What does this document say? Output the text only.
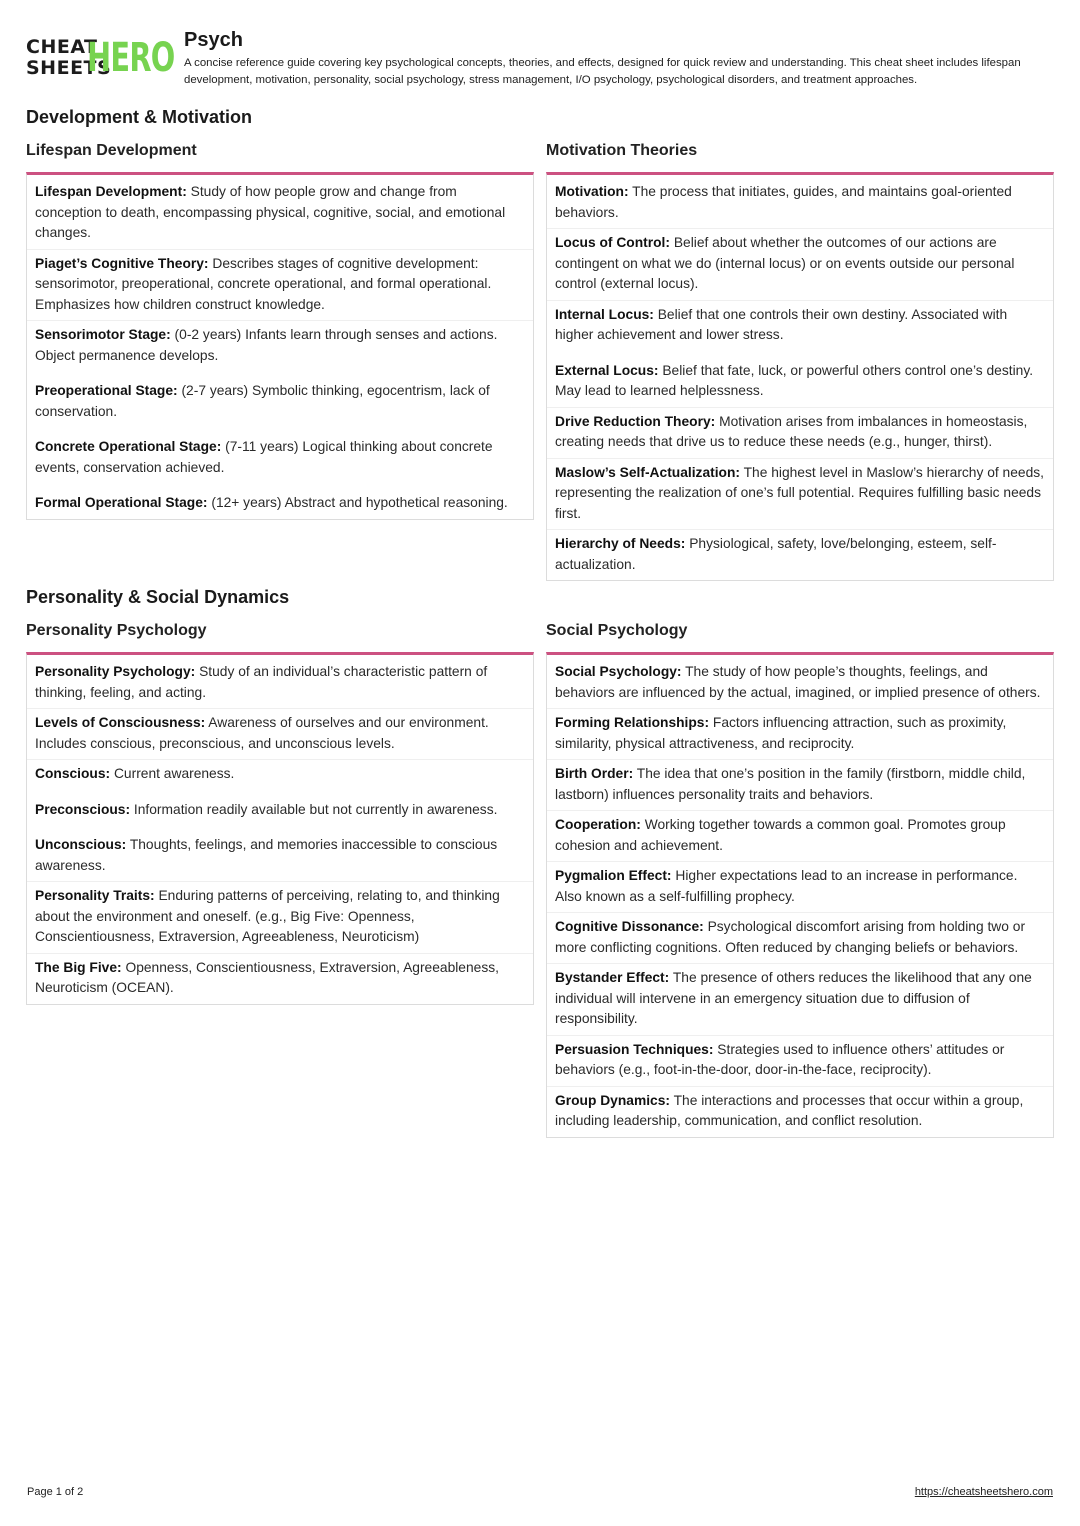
CHEAT
SHEETS
HERO Psych

A concise reference guide covering key psychological concepts, theories, and effects, designed for quick review and understanding. This cheat sheet includes lifespan development, motivation, personality, social psychology, stress management, I/O psychology, psychological disorders, and treatment approaches.

Development & Motivation
Lifespan Development
Lifespan Development: Study of how people grow and change from conception to death, encompassing physical, cognitive, social, and emotional changes.
Piaget’s Cognitive Theory: Describes stages of cognitive development: sensorimotor, preoperational, concrete operational, and formal operational. Emphasizes how children construct knowledge.
Sensorimotor Stage: (0-2 years) Infants learn through senses and actions. Object permanence develops.
Preoperational Stage: (2-7 years) Symbolic thinking, egocentrism, lack of conservation.
Concrete Operational Stage: (7-11 years) Logical thinking about concrete events, conservation achieved.
Formal Operational Stage: (12+ years) Abstract and hypothetical reasoning.
Motivation Theories
Motivation: The process that initiates, guides, and maintains goal-oriented behaviors.
Locus of Control: Belief about whether the outcomes of our actions are contingent on what we do (internal locus) or on events outside our personal control (external locus).
Internal Locus: Belief that one controls their own destiny. Associated with higher achievement and lower stress.
External Locus: Belief that fate, luck, or powerful others control one’s destiny. May lead to learned helplessness.
Drive Reduction Theory: Motivation arises from imbalances in homeostasis, creating needs that drive us to reduce these needs (e.g., hunger, thirst).
Maslow’s Self-Actualization: The highest level in Maslow’s hierarchy of needs, representing the realization of one’s full potential. Requires fulfilling basic needs first.
Hierarchy of Needs: Physiological, safety, love/belonging, esteem, self-actualization.
Personality & Social Dynamics
Personality Psychology
Personality Psychology: Study of an individual’s characteristic pattern of thinking, feeling, and acting.
Levels of Consciousness: Awareness of ourselves and our environment. Includes conscious, preconscious, and unconscious levels.
Conscious: Current awareness.
Preconscious: Information readily available but not currently in awareness.
Unconscious: Thoughts, feelings, and memories inaccessible to conscious awareness.
Personality Traits: Enduring patterns of perceiving, relating to, and thinking about the environment and oneself. (e.g., Big Five: Openness, Conscientiousness, Extraversion, Agreeableness, Neuroticism)
The Big Five: Openness, Conscientiousness, Extraversion, Agreeableness, Neuroticism (OCEAN).
Social Psychology
Social Psychology: The study of how people’s thoughts, feelings, and behaviors are influenced by the actual, imagined, or implied presence of others.
Forming Relationships: Factors influencing attraction, such as proximity, similarity, physical attractiveness, and reciprocity.
Birth Order: The idea that one’s position in the family (firstborn, middle child, lastborn) influences personality traits and behaviors.
Cooperation: Working together towards a common goal. Promotes group cohesion and achievement.
Pygmalion Effect: Higher expectations lead to an increase in performance. Also known as a self-fulfilling prophecy.
Cognitive Dissonance: Psychological discomfort arising from holding two or more conflicting cognitions. Often reduced by changing beliefs or behaviors.
Bystander Effect: The presence of others reduces the likelihood that any one individual will intervene in an emergency situation due to diffusion of responsibility.
Persuasion Techniques: Strategies used to influence others’ attitudes or behaviors (e.g., foot-in-the-door, door-in-the-face, reciprocity).
Group Dynamics: The interactions and processes that occur within a group, including leadership, communication, and conflict resolution.
Page 1 of 2	https://cheatsheetshero.com
